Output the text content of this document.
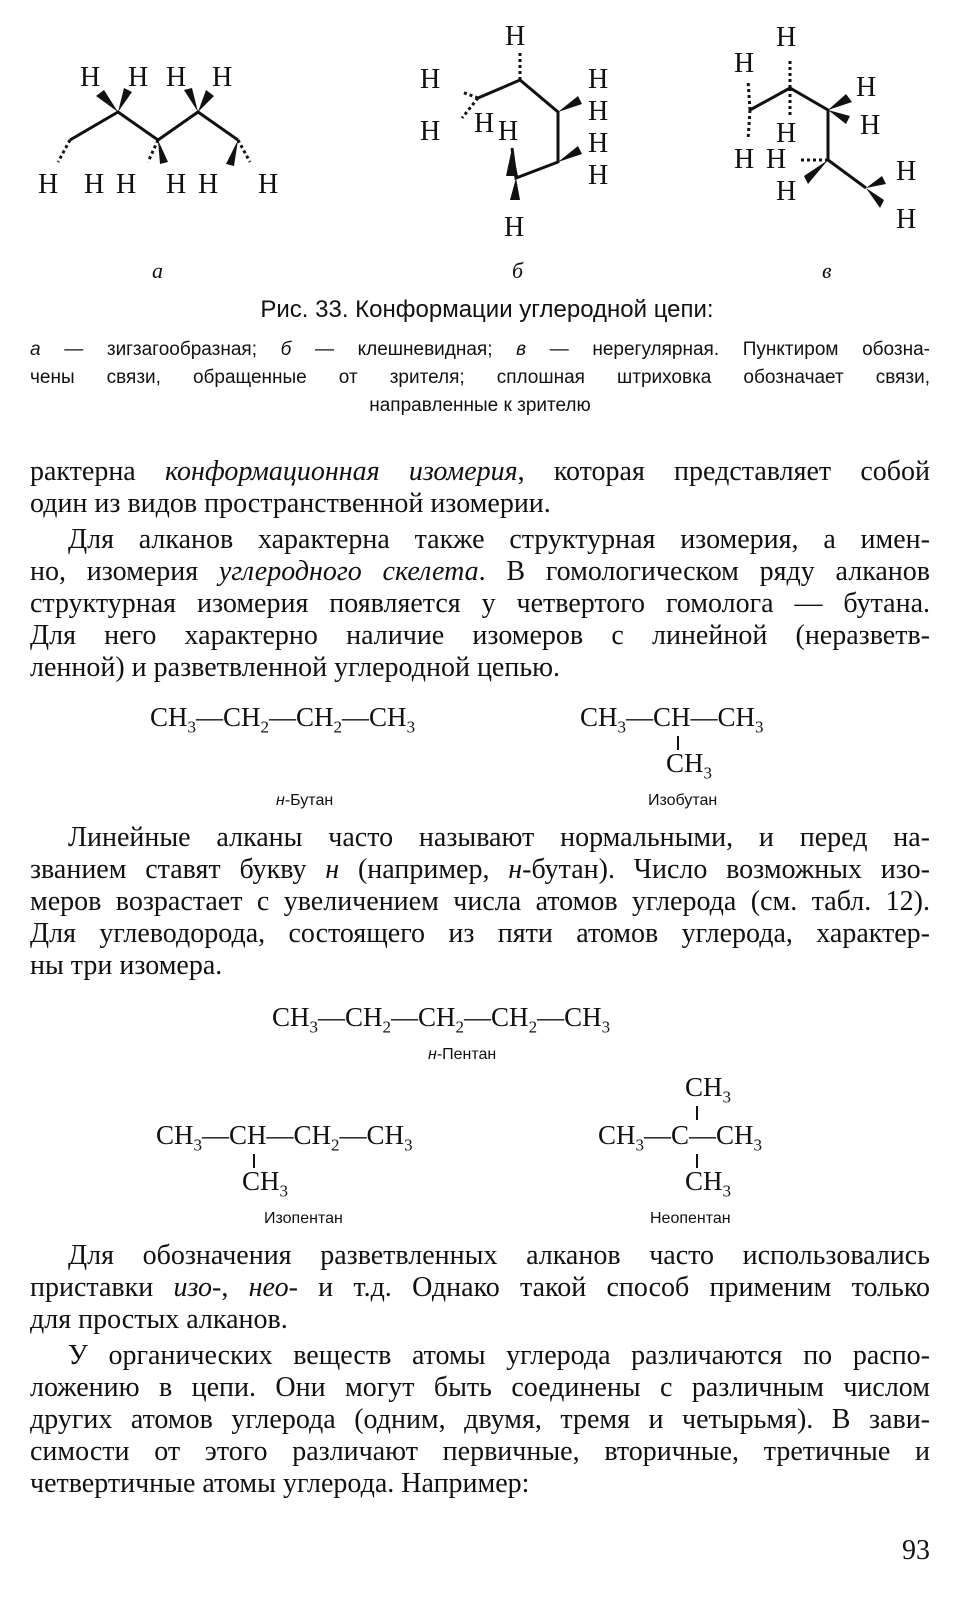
H H H H
H H H H H H
H
H
H H H
H
H
H
H
H
H
H
H
H
H
H H
H
H
H
а	б	в
Рис. 33. Конформации углеродной цепи:
а — зигзагообразная; б — клешневидная; в — нерегулярная. Пунктиром обозна-
чены связи, обращенные от зрителя; сплошная штриховка обозначает связи,
направленные к зрителю
рактерна конформационная изомерия, которая представляет собой
один из видов пространственной изомерии.
Для алканов характерна также структурная изомерия, а имен-
но, изомерия углеродного скелета. В гомологическом ряду алканов
структурная изомерия появляется у четвертого гомолога — бутана.
Для него характерно наличие изомеров с линейной (неразветв-
ленной) и разветвленной углеродной цепью.
$CH_3—CH_2—CH_2—CH_3$
н-Бутан
$CH_3—CH—CH_3$
$CH_3$
Изобутан
Линейные алканы часто называют нормальными, и перед на-
званием ставят букву н (например, н-бутан). Число возможных изо-
меров возрастает с увеличением числа атомов углерода (см. табл. 12).
Для углеводорода, состоящего из пяти атомов углерода, характер-
ны три изомера.
$CH_3—CH_2—CH_2—CH_2—CH_3$
н-Пентан
$CH_3—CH—CH_2—CH_3$
$CH_3$
Изопентан
$CH_3$
$CH_3—C—CH_3$
$CH_3$
Неопентан
Для обозначения разветвленных алканов часто использовались
приставки изо-, нео- и т.д. Однако такой способ применим только
для простых алканов.
У органических веществ атомы углерода различаются по распо-
ложению в цепи. Они могут быть соединены с различным числом
других атомов углерода (одним, двумя, тремя и четырьмя). В зави-
симости от этого различают первичные, вторичные, третичные и
четвертичные атомы углерода. Например:
93
